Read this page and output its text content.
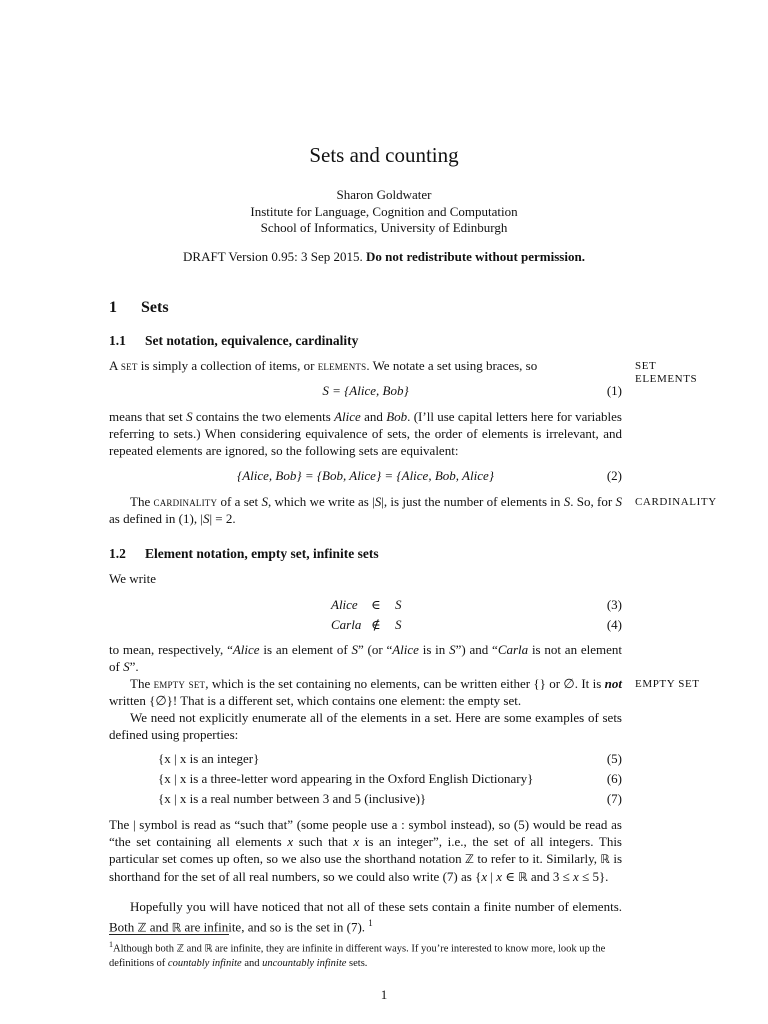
Sets and counting
Sharon Goldwater
Institute for Language, Cognition and Computation
School of Informatics, University of Edinburgh
DRAFT Version 0.95: 3 Sep 2015. Do not redistribute without permission.
1 Sets
1.1 Set notation, equivalence, cardinality
SET
ELEMENTS
CARDINALITY
EMPTY SET

A set is simply a collection of items, or elements. We notate a set using braces, so

S = {Alice, Bob}	(1)

means that set S contains the two elements Alice and Bob. (I’ll use capital letters here for variables referring to sets.) When considering equivalence of sets, the order of elements is irrelevant, and repeated elements are ignored, so the following sets are equivalent:

{Alice, Bob} = {Bob, Alice} = {Alice, Bob, Alice}	(2)

The cardinality of a set S, which we write as |S|, is just the number of elements in S. So, for S as defined in (1), |S| = 2.

1.2 Element notation, empty set, infinite sets
We write
Alice ∈ S	(3)
Carla ∉ S	(4)

to mean, respectively, “Alice is an element of S” (or “Alice is in S”) and “Carla is not an element of S”.

The empty set, which is the set containing no elements, can be written either {} or ∅. It is not written {∅}! That is a different set, which contains one element: the empty set.

We need not explicitly enumerate all of the elements in a set. Here are some examples of sets defined using properties:

{x | x is an integer}	(5)
{x | x is a three-letter word appearing in the Oxford English Dictionary}	(6)
{x | x is a real number between 3 and 5 (inclusive)}	(7)

The | symbol is read as “such that” (some people use a : symbol instead), so (5) would be read as “the set containing all elements x such that x is an integer”, i.e., the set of all integers. This particular set comes up often, so we also use the shorthand notation ℤ to refer to it. Similarly, ℝ is shorthand for the set of all real numbers, so we could also write (7) as {x | x ∈ ℝ and 3 ≤ x ≤ 5}.

Hopefully you will have noticed that not all of these sets contain a finite number of elements. Both ℤ and ℝ are infinite, and so is the set in (7). $^1$

$^1$Although both ℤ and ℝ are infinite, they are infinite in different ways. If you’re interested to know more, look up the definitions of countably infinite and uncountably infinite sets.
1
